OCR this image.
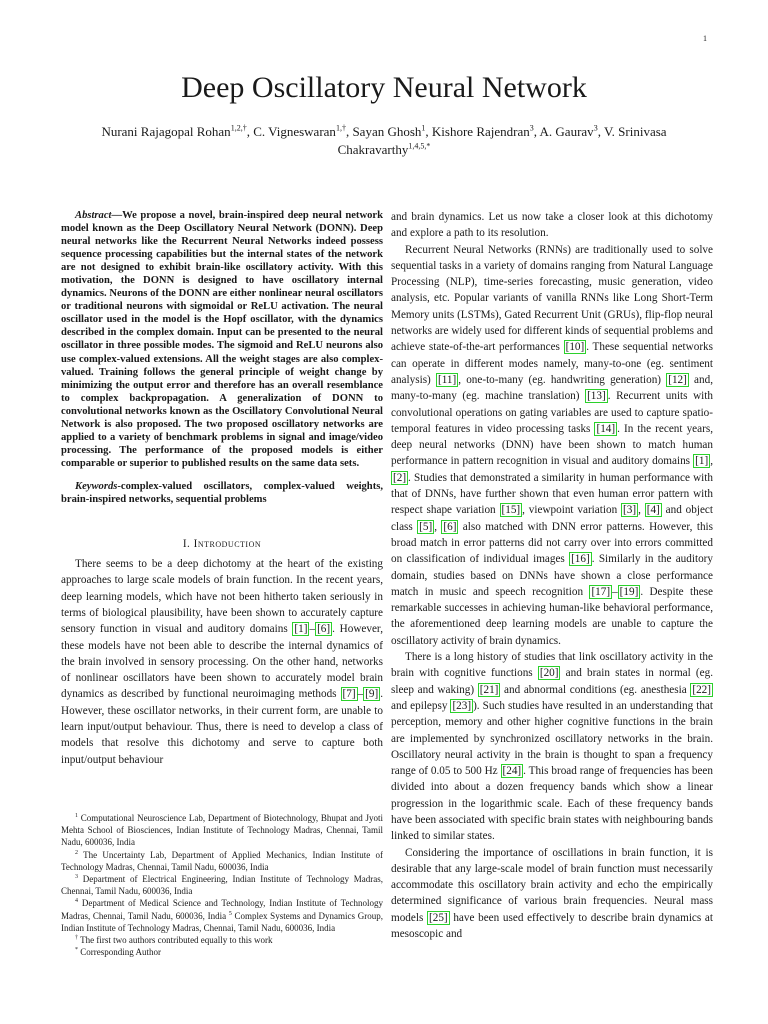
1
Deep Oscillatory Neural Network
Nurani Rajagopal Rohan$^{1,2,\dagger}$, C. Vigneswaran$^{1,\dagger}$, Sayan Ghosh$^1$, Kishore Rajendran$^3$, A. Gaurav$^3$, V. Srinivasa Chakravarthy$^{1,4,5,*}$

Abstract—We propose a novel, brain-inspired deep neural network model known as the Deep Oscillatory Neural Network (DONN). Deep neural networks like the Recurrent Neural Networks indeed possess sequence processing capabilities but the internal states of the network are not designed to exhibit brain-like oscillatory activity. With this motivation, the DONN is designed to have oscillatory internal dynamics. Neurons of the DONN are either nonlinear neural oscillators or traditional neurons with sigmoidal or ReLU activation. The neural oscillator used in the model is the Hopf oscillator, with the dynamics described in the complex domain. Input can be presented to the neural oscillator in three possible modes. The sigmoid and ReLU neurons also use complex-valued extensions. All the weight stages are also complex-valued. Training follows the general principle of weight change by minimizing the output error and therefore has an overall resemblance to complex backpropagation. A generalization of DONN to convolutional networks known as the Oscillatory Convolutional Neural Network is also proposed. The two proposed oscillatory networks are applied to a variety of benchmark problems in signal and image/video processing. The performance of the proposed models is either comparable or superior to published results on the same data sets.

Keywords-complex-valued oscillators, complex-valued weights, brain-inspired networks, sequential problems

I. Introduction

There seems to be a deep dichotomy at the heart of the existing approaches to large scale models of brain function. In the recent years, deep learning models, which have not been hitherto taken seriously in terms of biological plausibility, have been shown to accurately capture sensory function in visual and auditory domains [1] – [6] . However, these models have not been able to describe the internal dynamics of the brain involved in sensory processing. On the other hand, networks of nonlinear oscillators have been shown to accurately model brain dynamics as described by functional neuroimaging methods [7] – [9] . However, these oscillator networks, in their current form, are unable to learn input/output behaviour. Thus, there is need to develop a class of models that resolve this dichotomy and serve to capture both input/output behaviour

$^1$ Computational Neuroscience Lab, Department of Biotechnology, Bhupat and Jyoti Mehta School of Biosciences, Indian Institute of Technology Madras, Chennai, Tamil Nadu, 600036, India

$^2$ The Uncertainty Lab, Department of Applied Mechanics, Indian Institute of Technology Madras, Chennai, Tamil Nadu, 600036, India

$^3$ Department of Electrical Engineering, Indian Institute of Technology Madras, Chennai, Tamil Nadu, 600036, India

$^4$ Department of Medical Science and Technology, Indian Institute of Technology Madras, Chennai, Tamil Nadu, 600036, India $^5$ Complex Systems and Dynamics Group, Indian Institute of Technology Madras, Chennai, Tamil Nadu, 600036, India

† The first two authors contributed equally to this work

* Corresponding Author

and brain dynamics. Let us now take a closer look at this dichotomy and explore a path to its resolution.

Recurrent Neural Networks (RNNs) are traditionally used to solve sequential tasks in a variety of domains ranging from Natural Language Processing (NLP), time-series forecasting, music generation, video analysis, etc. Popular variants of vanilla RNNs like Long Short-Term Memory units (LSTMs), Gated Recurrent Unit (GRUs), flip-flop neural networks are widely used for different kinds of sequential problems and achieve state-of-the-art performances [10] . These sequential networks can operate in different modes namely, many-to-one (eg. sentiment analysis) [11] , one-to-many (eg. handwriting generation) [12] and, many-to-many (eg. machine translation) [13] . Recurrent units with convolutional operations on gating variables are used to capture spatio-temporal features in video processing tasks [14] . In the recent years, deep neural networks (DNN) have been shown to match human performance in pattern recognition in visual and auditory domains [1] , [2] . Studies that demonstrated a similarity in human performance with that of DNNs, have further shown that even human error pattern with respect shape variation [15] , viewpoint variation [3] , [4] and object class [5] , [6] also matched with DNN error patterns. However, this broad match in error patterns did not carry over into errors committed on classification of individual images [16] . Similarly in the auditory domain, studies based on DNNs have shown a close performance match in music and speech recognition [17] – [19] . Despite these remarkable successes in achieving human-like behavioral performance, the aforementioned deep learning models are unable to capture the oscillatory activity of brain dynamics.

There is a long history of studies that link oscillatory activity in the brain with cognitive functions [20] and brain states in normal (eg. sleep and waking) [21] and abnormal conditions (eg. anesthesia [22] and epilepsy [23] ). Such studies have resulted in an understanding that perception, memory and other higher cognitive functions in the brain are implemented by synchronized oscillatory networks in the brain. Oscillatory neural activity in the brain is thought to span a frequency range of 0.05 to 500 Hz [24] . This broad range of frequencies has been divided into about a dozen frequency bands which show a linear progression in the logarithmic scale. Each of these frequency bands have been associated with specific brain states with neighbouring bands linked to similar states.

Considering the importance of oscillations in brain function, it is desirable that any large-scale model of brain function must necessarily accommodate this oscillatory brain activity and echo the empirically determined significance of various brain frequencies. Neural mass models [25] have been used effectively to describe brain dynamics at mesoscopic and
